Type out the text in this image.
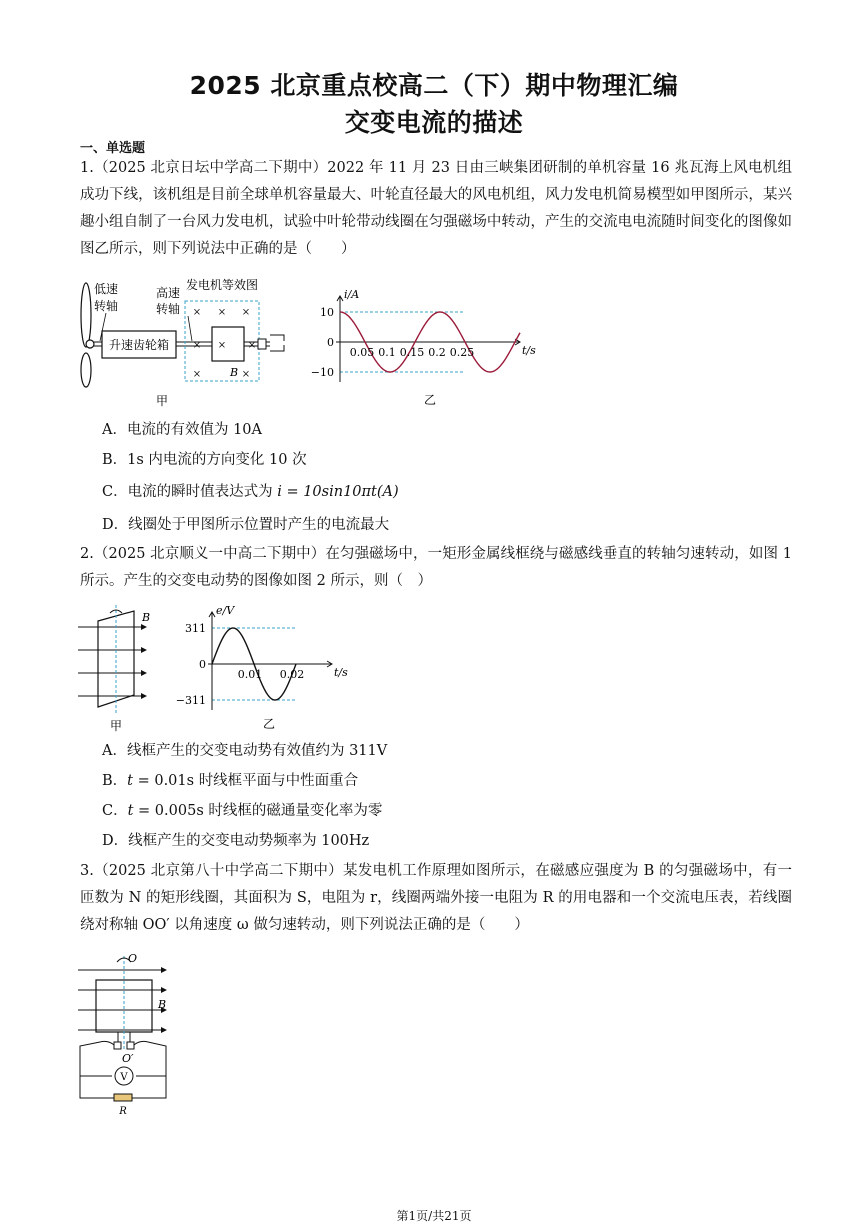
2025 北京重点校高二（下）期中物理汇编
交变电流的描述
一、单选题
1.（2025 北京日坛中学高二下期中）2022 年 11 月 23 日由三峡集团研制的单机容量 16 兆瓦海上风电机组成功下线，该机组是目前全球单机容量最大、叶轮直径最大的风电机组，风力发电机简易模型如甲图所示，某兴趣小组自制了一台风力发电机，试验中叶轮带动线圈在匀强磁场中转动，产生的交流电电流随时间变化的图像如图乙所示，则下列说法中正确的是（　　）
升速齿轮箱
低速
转轴
高速
转轴
发电机等效图
× × ×
× × ×
×	×
B
甲	乙
10
0
−10
0.05 0.1 0.15 0.2 0.25
i/A
t/s
A．电流的有效值为 10A
B．1s 内电流的方向变化 10 次
C．电流的瞬时值表达式为 i = 10sin10πt(A)
D．线圈处于甲图所示位置时产生的电流最大
2.（2025 北京顺义一中高二下期中）在匀强磁场中，一矩形金属线框绕与磁感线垂直的转轴匀速转动，如图 1 所示。产生的交变电动势的图像如图 2 所示，则（　）
B
甲	乙
311
0
−311
0.01 0.02
e/V
t/s
A．线框产生的交变电动势有效值约为 311V
B．t = 0.01s 时线框平面与中性面重合
C．t = 0.005s 时线框的磁通量变化率为零
D．线框产生的交变电动势频率为 100Hz
3.（2025 北京第八十中学高二下期中）某发电机工作原理如图所示，在磁感应强度为 B 的匀强磁场中，有一匝数为 N 的矩形线圈，其面积为 S，电阻为 r，线圈两端外接一电阻为 R 的用电器和一个交流电压表，若线圈绕对称轴 OO′ 以角速度 ω 做匀速转动，则下列说法正确的是（　　）
O
B
O′
V
R
第1页/共21页
